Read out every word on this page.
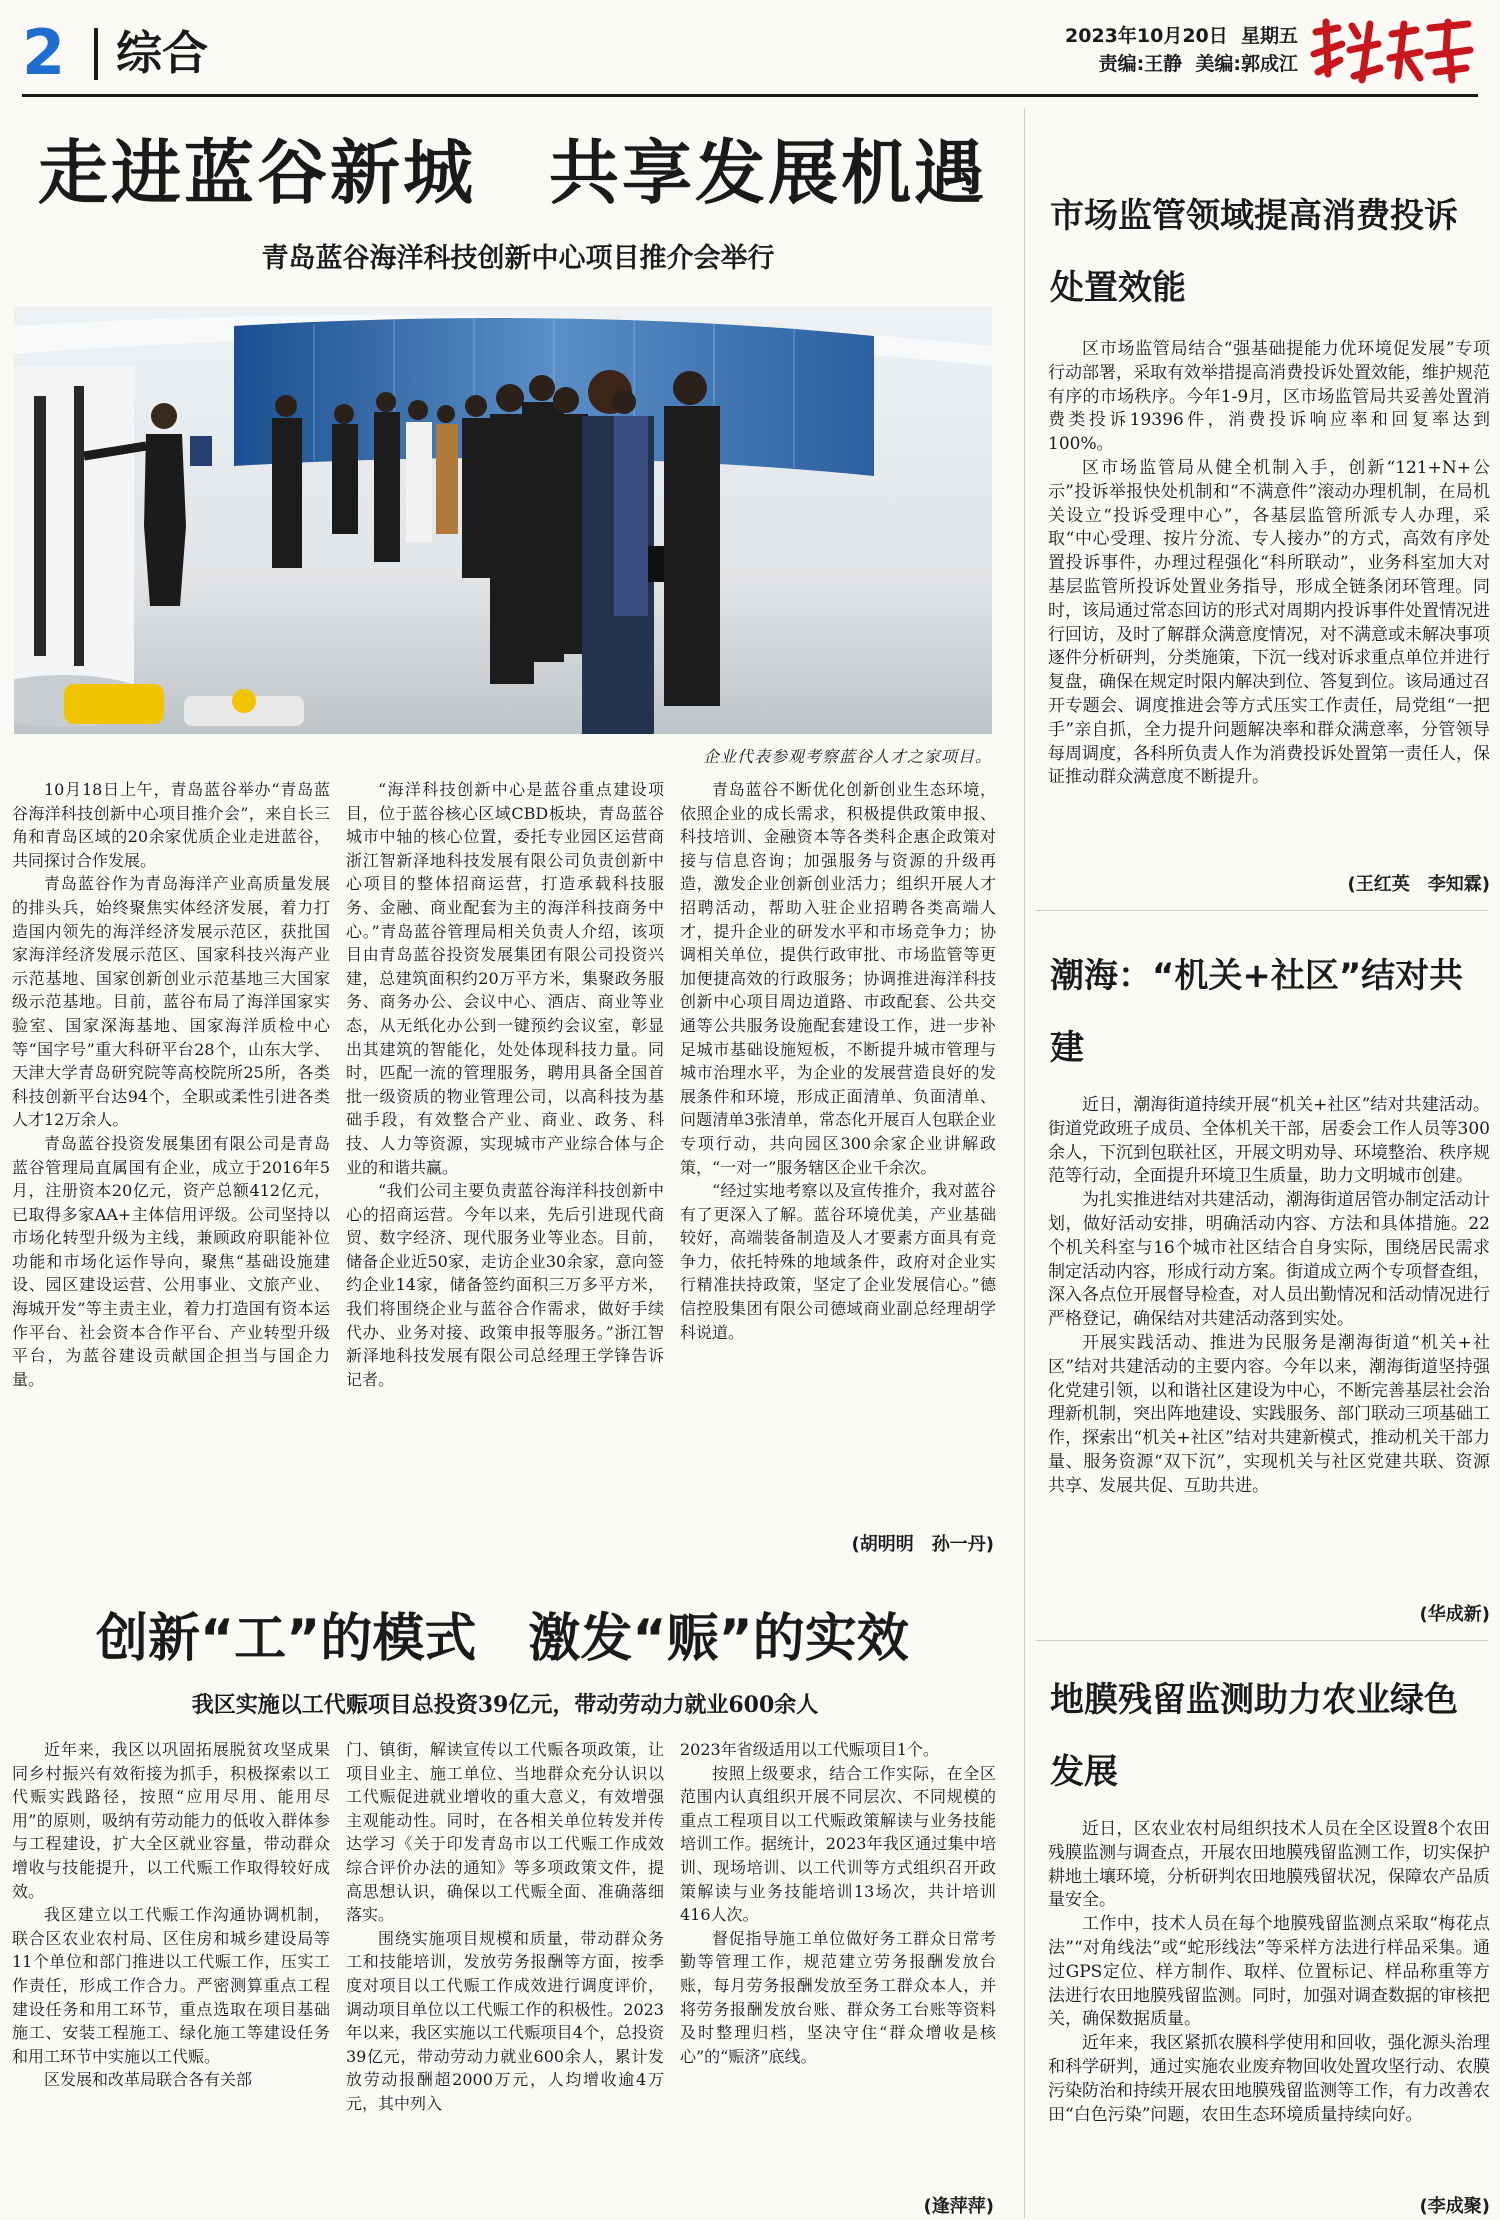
2 综合	2023年10月20日  星期五
责编:王静  美编:郭成江
走进蓝谷新城　共享发展机遇
青岛蓝谷海洋科技创新中心项目推介会举行
企业代表参观考察蓝谷人才之家项目。

10月18日上午，青岛蓝谷举办“青岛蓝谷海洋科技创新中心项目推介会”，来自长三角和青岛区域的20余家优质企业走进蓝谷，共同探讨合作发展。

青岛蓝谷作为青岛海洋产业高质量发展的排头兵，始终聚焦实体经济发展，着力打造国内领先的海洋经济发展示范区，获批国家海洋经济发展示范区、国家科技兴海产业示范基地、国家创新创业示范基地三大国家级示范基地。目前，蓝谷布局了海洋国家实验室、国家深海基地、国家海洋质检中心等“国字号”重大科研平台28个，山东大学、天津大学青岛研究院等高校院所25所，各类科技创新平台达94个，全职或柔性引进各类人才12万余人。

青岛蓝谷投资发展集团有限公司是青岛蓝谷管理局直属国有企业，成立于2016年5月，注册资本20亿元，资产总额412亿元，已取得多家AA+主体信用评级。公司坚持以市场化转型升级为主线，兼顾政府职能补位功能和市场化运作导向，聚焦“基础设施建设、园区建设运营、公用事业、文旅产业、海城开发”等主责主业，着力打造国有资本运作平台、社会资本合作平台、产业转型升级平台，为蓝谷建设贡献国企担当与国企力量。

“海洋科技创新中心是蓝谷重点建设项目，位于蓝谷核心区域CBD板块，青岛蓝谷城市中轴的核心位置，委托专业园区运营商浙江智新泽地科技发展有限公司负责创新中心项目的整体招商运营，打造承载科技服务、金融、商业配套为主的海洋科技商务中心。”青岛蓝谷管理局相关负责人介绍，该项目由青岛蓝谷投资发展集团有限公司投资兴建，总建筑面积约20万平方米，集聚政务服务、商务办公、会议中心、酒店、商业等业态，从无纸化办公到一键预约会议室，彰显出其建筑的智能化，处处体现科技力量。同时，匹配一流的管理服务，聘用具备全国首批一级资质的物业管理公司，以高科技为基础手段，有效整合产业、商业、政务、科技、人力等资源，实现城市产业综合体与企业的和谐共赢。

“我们公司主要负责蓝谷海洋科技创新中心的招商运营。今年以来，先后引进现代商贸、数字经济、现代服务业等业态。目前，储备企业近50家，走访企业30余家，意向签约企业14家，储备签约面积三万多平方米，我们将围绕企业与蓝谷合作需求，做好手续代办、业务对接、政策申报等服务。”浙江智新泽地科技发展有限公司总经理王学锋告诉记者。

青岛蓝谷不断优化创新创业生态环境，依照企业的成长需求，积极提供政策申报、科技培训、金融资本等各类科企惠企政策对接与信息咨询；加强服务与资源的升级再造，激发企业创新创业活力；组织开展人才招聘活动，帮助入驻企业招聘各类高端人才，提升企业的研发水平和市场竞争力；协调相关单位，提供行政审批、市场监管等更加便捷高效的行政服务；协调推进海洋科技创新中心项目周边道路、市政配套、公共交通等公共服务设施配套建设工作，进一步补足城市基础设施短板，不断提升城市管理与城市治理水平，为企业的发展营造良好的发展条件和环境，形成正面清单、负面清单、问题清单3张清单，常态化开展百人包联企业专项行动，共向园区300余家企业讲解政策，“一对一”服务辖区企业千余次。

“经过实地考察以及宣传推介，我对蓝谷有了更深入了解。蓝谷环境优美，产业基础较好，高端装备制造及人才要素方面具有竞争力，依托特殊的地域条件，政府对企业实行精准扶持政策，坚定了企业发展信心。”德信控股集团有限公司德域商业副总经理胡学科说道。

(胡明明　孙一丹)
创新“工”的模式　激发“赈”的实效
我区实施以工代赈项目总投资39亿元，带动劳动力就业600余人

近年来，我区以巩固拓展脱贫攻坚成果同乡村振兴有效衔接为抓手，积极探索以工代赈实践路径，按照“应用尽用、能用尽用”的原则，吸纳有劳动能力的低收入群体参与工程建设，扩大全区就业容量，带动群众增收与技能提升，以工代赈工作取得较好成效。

我区建立以工代赈工作沟通协调机制，联合区农业农村局、区住房和城乡建设局等11个单位和部门推进以工代赈工作，压实工作责任，形成工作合力。严密测算重点工程建设任务和用工环节，重点选取在项目基础施工、安装工程施工、绿化施工等建设任务和用工环节中实施以工代赈。

区发展和改革局联合各有关部

门、镇街，解读宣传以工代赈各项政策，让项目业主、施工单位、当地群众充分认识以工代赈促进就业增收的重大意义，有效增强主观能动性。同时，在各相关单位转发并传达学习《关于印发青岛市以工代赈工作成效综合评价办法的通知》等多项政策文件，提高思想认识，确保以工代赈全面、准确落细落实。

围绕实施项目规模和质量，带动群众务工和技能培训，发放劳务报酬等方面，按季度对项目以工代赈工作成效进行调度评价，调动项目单位以工代赈工作的积极性。2023年以来，我区实施以工代赈项目4个，总投资39亿元，带动劳动力就业600余人，累计发放劳动报酬超2000万元，人均增收逾4万元，其中列入

2023年省级适用以工代赈项目1个。

按照上级要求，结合工作实际，在全区范围内认真组织开展不同层次、不同规模的重点工程项目以工代赈政策解读与业务技能培训工作。据统计，2023年我区通过集中培训、现场培训、以工代训等方式组织召开政策解读与业务技能培训13场次，共计培训416人次。

督促指导施工单位做好务工群众日常考勤等管理工作，规范建立劳务报酬发放台账，每月劳务报酬发放至务工群众本人，并将劳务报酬发放台账、群众务工台账等资料及时整理归档，坚决守住“群众增收是核心”的“赈济”底线。

(逢萍萍)
市场监管领域提高消费投诉处置效能

区市场监管局结合“强基础提能力优环境促发展”专项行动部署，采取有效举措提高消费投诉处置效能，维护规范有序的市场秩序。今年1-9月，区市场监管局共妥善处置消费类投诉19396件，消费投诉响应率和回复率达到100%。

区市场监管局从健全机制入手，创新“121+N+公示”投诉举报快处机制和“不满意件”滚动办理机制，在局机关设立“投诉受理中心”，各基层监管所派专人办理，采取“中心受理、按片分流、专人接办”的方式，高效有序处置投诉事件，办理过程强化“科所联动”，业务科室加大对基层监管所投诉处置业务指导，形成全链条闭环管理。同时，该局通过常态回访的形式对周期内投诉事件处置情况进行回访，及时了解群众满意度情况，对不满意或未解决事项逐件分析研判，分类施策，下沉一线对诉求重点单位并进行复盘，确保在规定时限内解决到位、答复到位。该局通过召开专题会、调度推进会等方式压实工作责任，局党组“一把手”亲自抓，全力提升问题解决率和群众满意率，分管领导每周调度，各科所负责人作为消费投诉处置第一责任人，保证推动群众满意度不断提升。

(王红英　李知霖)
潮海：“机关+社区”结对共建

近日，潮海街道持续开展“机关+社区”结对共建活动。街道党政班子成员、全体机关干部，居委会工作人员等300余人，下沉到包联社区，开展文明劝导、环境整治、秩序规范等行动，全面提升环境卫生质量，助力文明城市创建。

为扎实推进结对共建活动，潮海街道居管办制定活动计划，做好活动安排，明确活动内容、方法和具体措施。22个机关科室与16个城市社区结合自身实际，围绕居民需求制定活动内容，形成行动方案。街道成立两个专项督查组，深入各点位开展督导检查，对人员出勤情况和活动情况进行严格登记，确保结对共建活动落到实处。

开展实践活动、推进为民服务是潮海街道“机关+社区”结对共建活动的主要内容。今年以来，潮海街道坚持强化党建引领，以和谐社区建设为中心，不断完善基层社会治理新机制，突出阵地建设、实践服务、部门联动三项基础工作，探索出“机关+社区”结对共建新模式，推动机关干部力量、服务资源“双下沉”，实现机关与社区党建共联、资源共享、发展共促、互助共进。

(华成新)
地膜残留监测助力农业绿色发展

近日，区农业农村局组织技术人员在全区设置8个农田残膜监测与调查点，开展农田地膜残留监测工作，切实保护耕地土壤环境，分析研判农田地膜残留状况，保障农产品质量安全。

工作中，技术人员在每个地膜残留监测点采取“梅花点法”“对角线法”或“蛇形线法”等采样方法进行样品采集。通过GPS定位、样方制作、取样、位置标记、样品称重等方法进行农田地膜残留监测。同时，加强对调查数据的审核把关，确保数据质量。

近年来，我区紧抓农膜科学使用和回收，强化源头治理和科学研判，通过实施农业废弃物回收处置攻坚行动、农膜污染防治和持续开展农田地膜残留监测等工作，有力改善农田“白色污染”问题，农田生态环境质量持续向好。

(李成聚)
